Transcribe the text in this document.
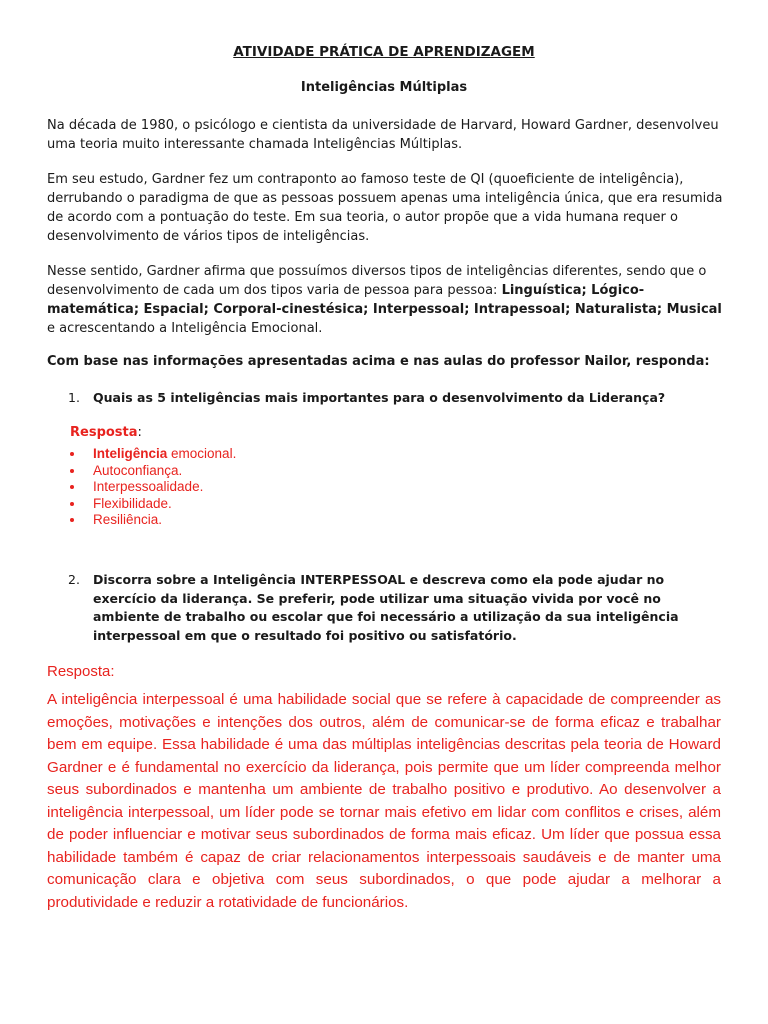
ATIVIDADE PRÁTICA DE APRENDIZAGEM
Inteligências Múltiplas

Na década de 1980, o psicólogo e cientista da universidade de Harvard, Howard Gardner, desenvolveu uma teoria muito interessante chamada Inteligências Múltiplas.

Em seu estudo, Gardner fez um contraponto ao famoso teste de QI (quoeficiente de inteligência), derrubando o paradigma de que as pessoas possuem apenas uma inteligência única, que era resumida de acordo com a pontuação do teste. Em sua teoria, o autor propõe que a vida humana requer o desenvolvimento de vários tipos de inteligências.

Nesse sentido, Gardner afirma que possuímos diversos tipos de inteligências diferentes, sendo que o desenvolvimento de cada um dos tipos varia de pessoa para pessoa: Linguística; Lógico-matemática; Espacial; Corporal-cinestésica; Interpessoal; Intrapessoal; Naturalista; Musical e acrescentando a Inteligência Emocional.

Com base nas informações apresentadas acima e nas aulas do professor Nailor, responda:

1.	Quais as 5 inteligências mais importantes para o desenvolvimento da Liderança?
Resposta:
Inteligência emocional.
Autoconfiança.
Interpessoalidade.
Flexibilidade.
Resiliência.
2.	Discorra sobre a Inteligência INTERPESSOAL e descreva como ela pode ajudar no exercício da liderança. Se preferir, pode utilizar uma situação vivida por você no ambiente de trabalho ou escolar que foi necessário a utilização da sua inteligência interpessoal em que o resultado foi positivo ou satisfatório.
Resposta:

A inteligência interpessoal é uma habilidade social que se refere à capacidade de compreender as emoções, motivações e intenções dos outros, além de comunicar-se de forma eficaz e trabalhar bem em equipe. Essa habilidade é uma das múltiplas inteligências descritas pela teoria de Howard Gardner e é fundamental no exercício da liderança, pois permite que um líder compreenda melhor seus subordinados e mantenha um ambiente de trabalho positivo e produtivo. Ao desenvolver a inteligência interpessoal, um líder pode se tornar mais efetivo em lidar com conflitos e crises, além de poder influenciar e motivar seus subordinados de forma mais eficaz. Um líder que possua essa habilidade também é capaz de criar relacionamentos interpessoais saudáveis e de manter uma comunicação clara e objetiva com seus subordinados, o que pode ajudar a melhorar a produtividade e reduzir a rotatividade de funcionários.
